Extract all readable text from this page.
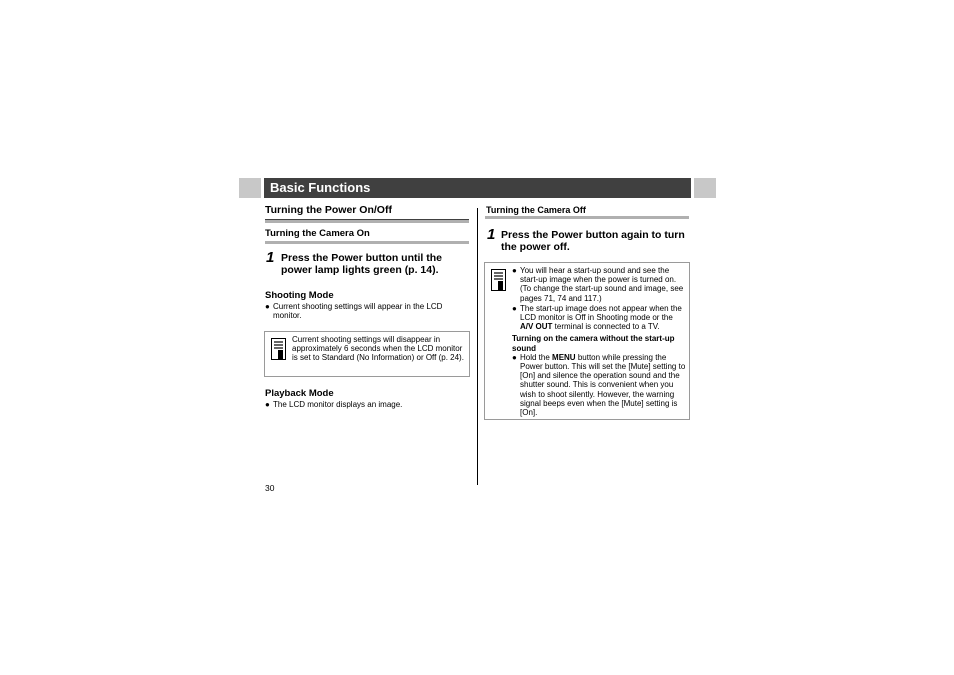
Basic Functions
Turning the Power On/Off
Turning the Camera On
1 Press the Power button until the power lamp lights green (p. 14).
Shooting Mode
● Current shooting settings will appear in the LCD monitor.
Current shooting settings will disappear in approximately 6 seconds when the LCD monitor is set to Standard (No Information) or Off (p. 24).
Playback Mode
● The LCD monitor displays an image.
Turning the Camera Off
1 Press the Power button again to turn the power off.
● You will hear a start-up sound and see the start-up image when the power is turned on. (To change the start-up sound and image, see pages 71, 74 and 117.)
● The start-up image does not appear when the LCD monitor is Off in Shooting mode or the A/V OUT terminal is connected to a TV.
Turning on the camera without the start-up sound
● Hold the MENU button while pressing the Power button. This will set the [Mute] setting to [On] and silence the operation sound and the shutter sound. This is convenient when you wish to shoot silently. However, the warning signal beeps even when the [Mute] setting is [On].
30
